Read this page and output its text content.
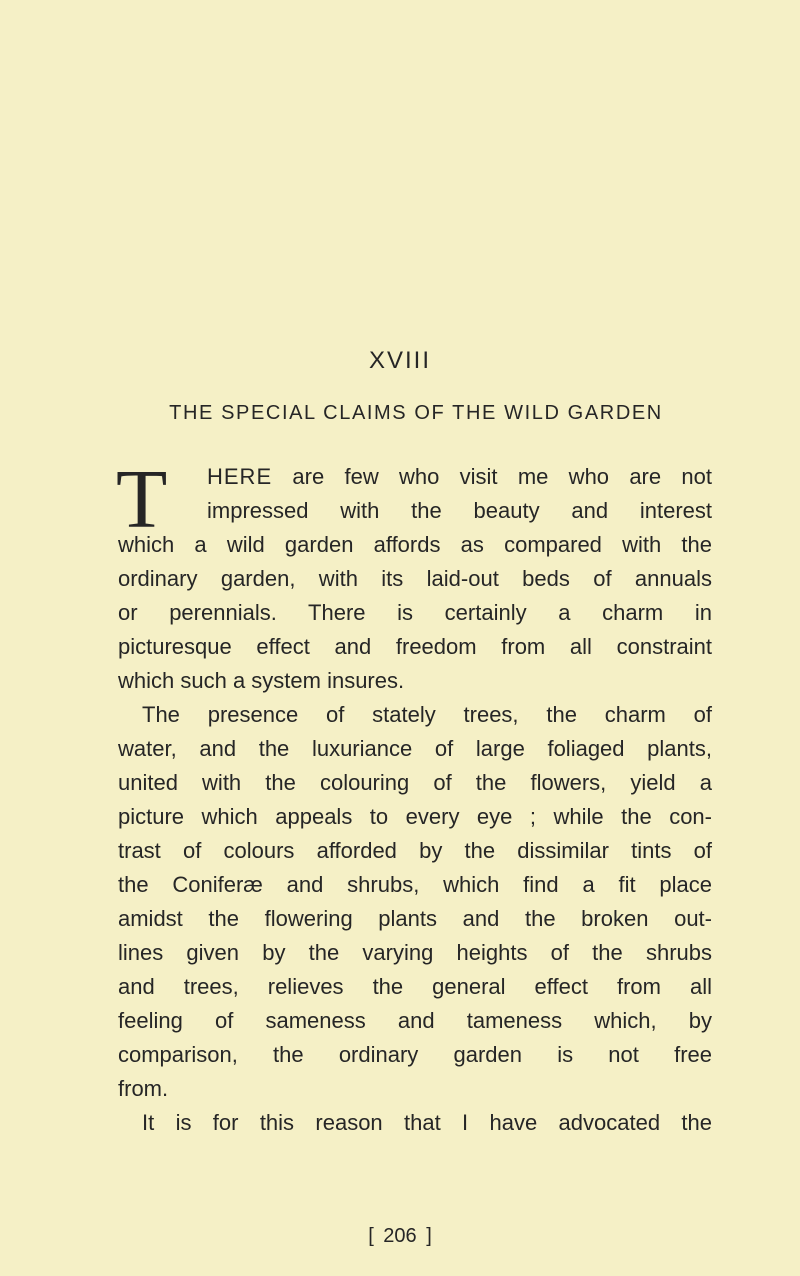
XVIII
THE SPECIAL CLAIMS OF THE WILD GARDEN
T HERE are few who visit me who are not
impressed with the beauty and interest
which a wild garden affords as compared with the
ordinary garden, with its laid-out beds of annuals
or perennials. There is certainly a charm in
picturesque effect and freedom from all constraint
which such a system insures.
The presence of stately trees, the charm of
water, and the luxuriance of large foliaged plants,
united with the colouring of the flowers, yield a
picture which appeals to every eye ; while the con-
trast of colours afforded by the dissimilar tints of
the Coniferæ and shrubs, which find a fit place
amidst the flowering plants and the broken out-
lines given by the varying heights of the shrubs
and trees, relieves the general effect from all
feeling of sameness and tameness which, by
comparison, the ordinary garden is not free
from.
It is for this reason that I have advocated the
[ 206 ]
